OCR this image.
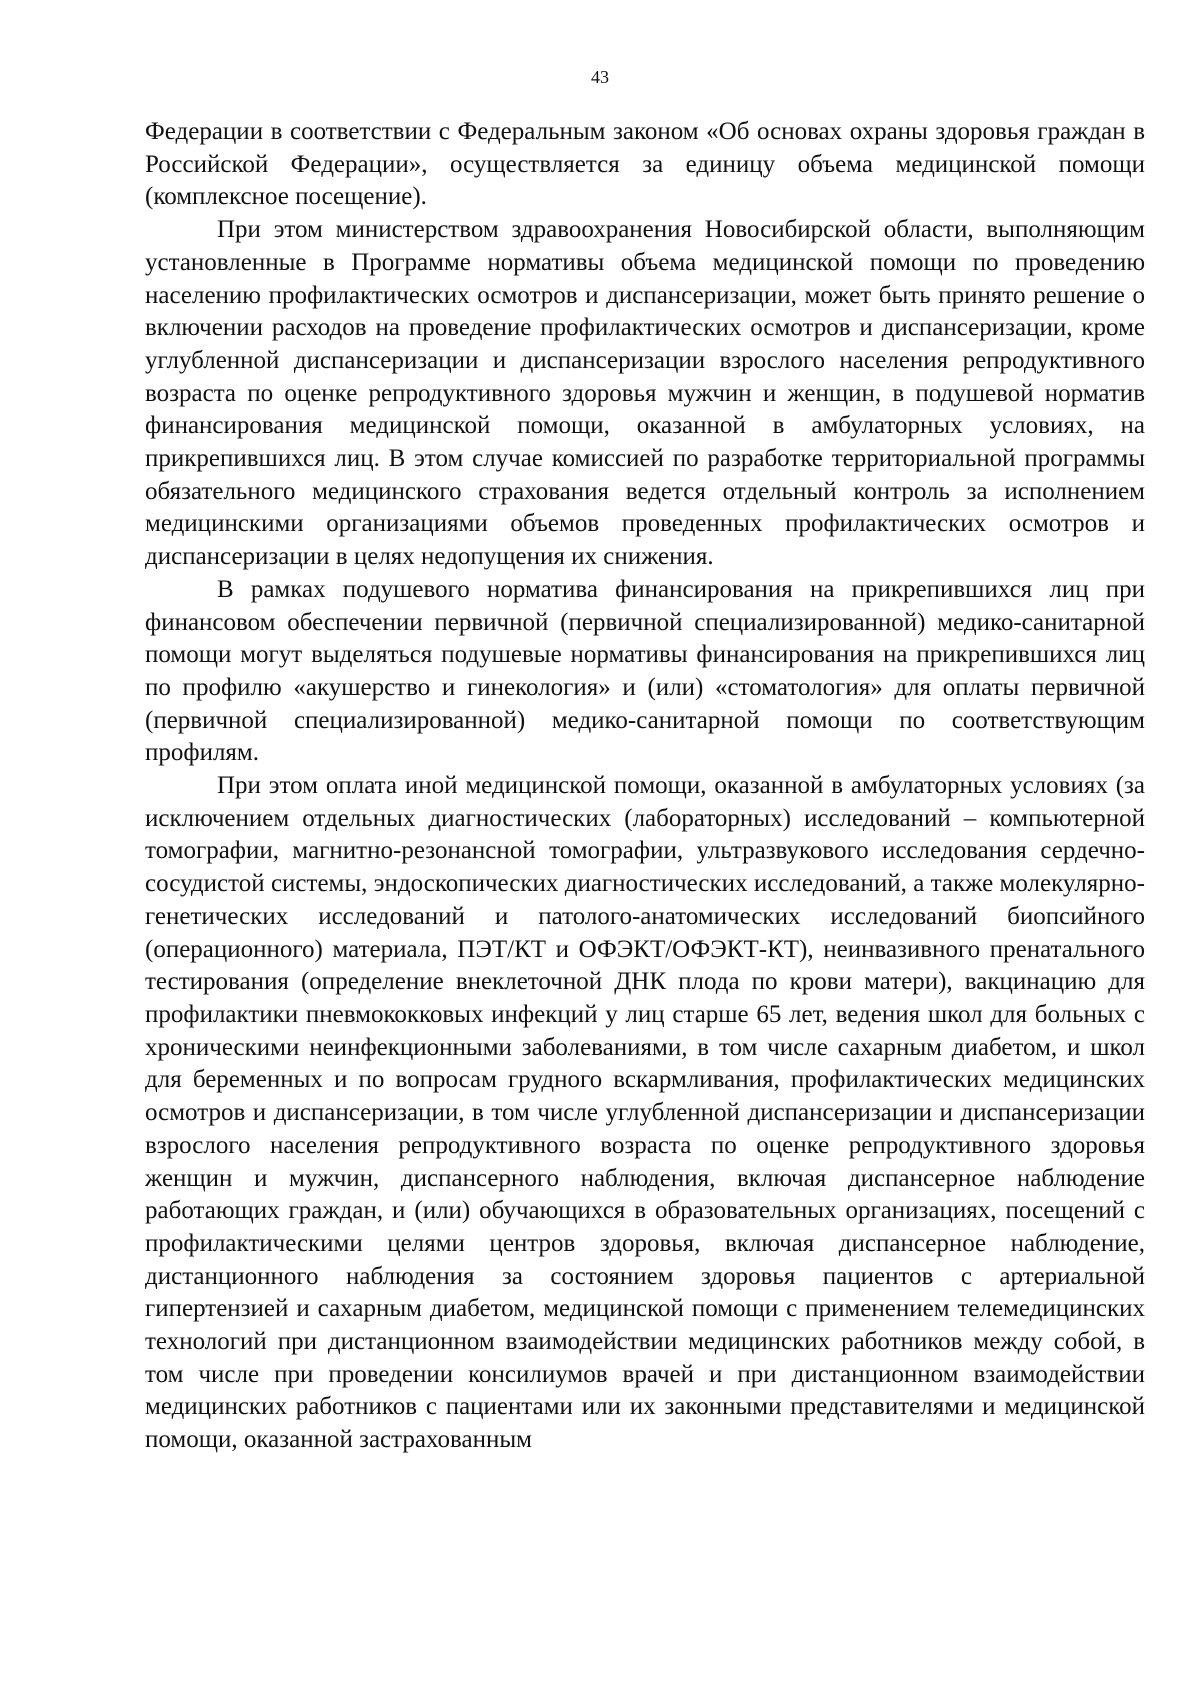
43

Федерации в соответствии с Федеральным законом «Об основах охраны здоровья граждан в Российской Федерации», осуществляется за единицу объема медицинской помощи (комплексное посещение).

При этом министерством здравоохранения Новосибирской области, выполняющим установленные в Программе нормативы объема медицинской помощи по проведению населению профилактических осмотров и диспансеризации, может быть принято решение о включении расходов на проведение профилактических осмотров и диспансеризации, кроме углубленной диспансеризации и диспансеризации взрослого населения репродуктивного возраста по оценке репродуктивного здоровья мужчин и женщин, в подушевой норматив финансирования медицинской помощи, оказанной в амбулаторных условиях, на прикрепившихся лиц. В этом случае комиссией по разработке территориальной программы обязательного медицинского страхования ведется отдельный контроль за исполнением медицинскими организациями объемов проведенных профилактических осмотров и диспансеризации в целях недопущения их снижения.

В рамках подушевого норматива финансирования на прикрепившихся лиц при финансовом обеспечении первичной (первичной специализированной) медико-санитарной помощи могут выделяться подушевые нормативы финансирования на прикрепившихся лиц по профилю «акушерство и гинекология» и (или) «стоматология» для оплаты первичной (первичной специализированной) медико-санитарной помощи по соответствующим профилям.

При этом оплата иной медицинской помощи, оказанной в амбулаторных условиях (за исключением отдельных диагностических (лабораторных) исследований – компьютерной томографии, магнитно-резонансной томографии, ультразвукового исследования сердечно-сосудистой системы, эндоскопических диагностических исследований, а также молекулярно-генетических исследований и патолого-анатомических исследований биопсийного (операционного) материала, ПЭТ/КТ и ОФЭКТ/ОФЭКТ-КТ), неинвазивного пренатального тестирования (определение внеклеточной ДНК плода по крови матери), вакцинацию для профилактики пневмококковых инфекций у лиц старше 65 лет, ведения школ для больных с хроническими неинфекционными заболеваниями, в том числе сахарным диабетом, и школ для беременных и по вопросам грудного вскармливания, профилактических медицинских осмотров и диспансеризации, в том числе углубленной диспансеризации и диспансеризации взрослого населения репродуктивного возраста по оценке репродуктивного здоровья женщин и мужчин, диспансерного наблюдения, включая диспансерное наблюдение работающих граждан, и (или) обучающихся в образовательных организациях, посещений с профилактическими целями центров здоровья, включая диспансерное наблюдение, дистанционного наблюдения за состоянием здоровья пациентов с артериальной гипертензией и сахарным диабетом, медицинской помощи с применением телемедицинских технологий при дистанционном взаимодействии медицинских работников между собой, в том числе при проведении консилиумов врачей и при дистанционном взаимодействии медицинских работников с пациентами или их законными представителями и медицинской помощи, оказанной застрахованным
